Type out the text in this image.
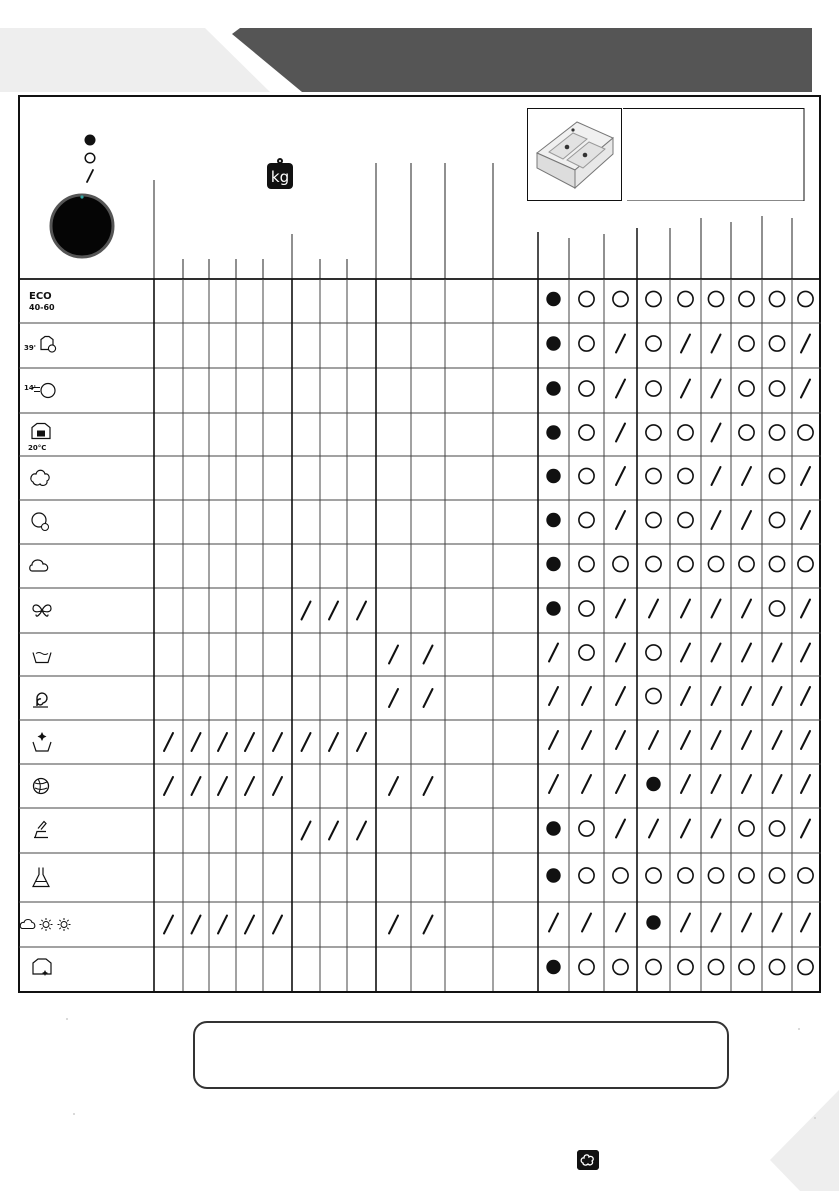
kg
ECO
40-60
39'
14'
20°C
